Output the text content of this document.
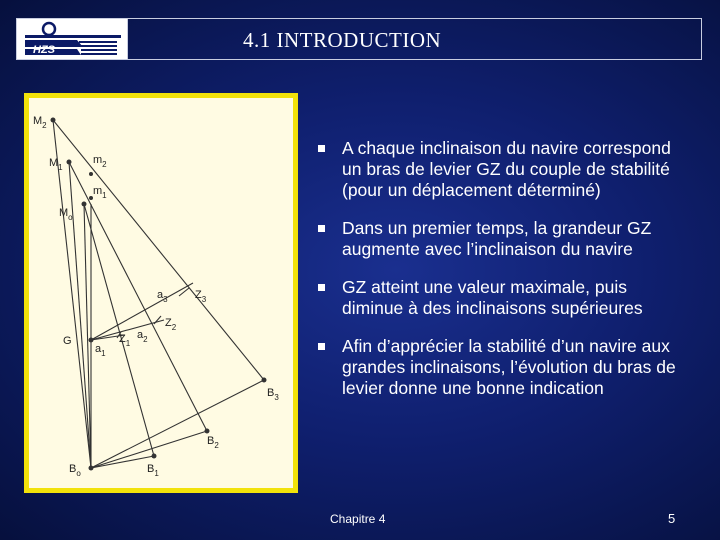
HZS	4.1 INTRODUCTION
$M_2$
$M_1$
$M_o$
$m_2$
$m_1$
G
$a_1$
$Z_1$
$a_2$
$Z_2$
$a_3$ $Z_3$
$B_o$	$B_1$
$B_2$
$B_3$
A chaque inclinaison du navire correspond un bras de levier GZ du couple de stabilité (pour un déplacement déterminé)
Dans un premier temps, la grandeur GZ augmente avec l’inclinaison du navire
GZ atteint une valeur maximale, puis diminue à des inclinaisons supérieures
Afin d’apprécier la stabilité d’un navire aux grandes inclinaisons, l’évolution du bras de levier donne une bonne indication
Chapitre 4	5
